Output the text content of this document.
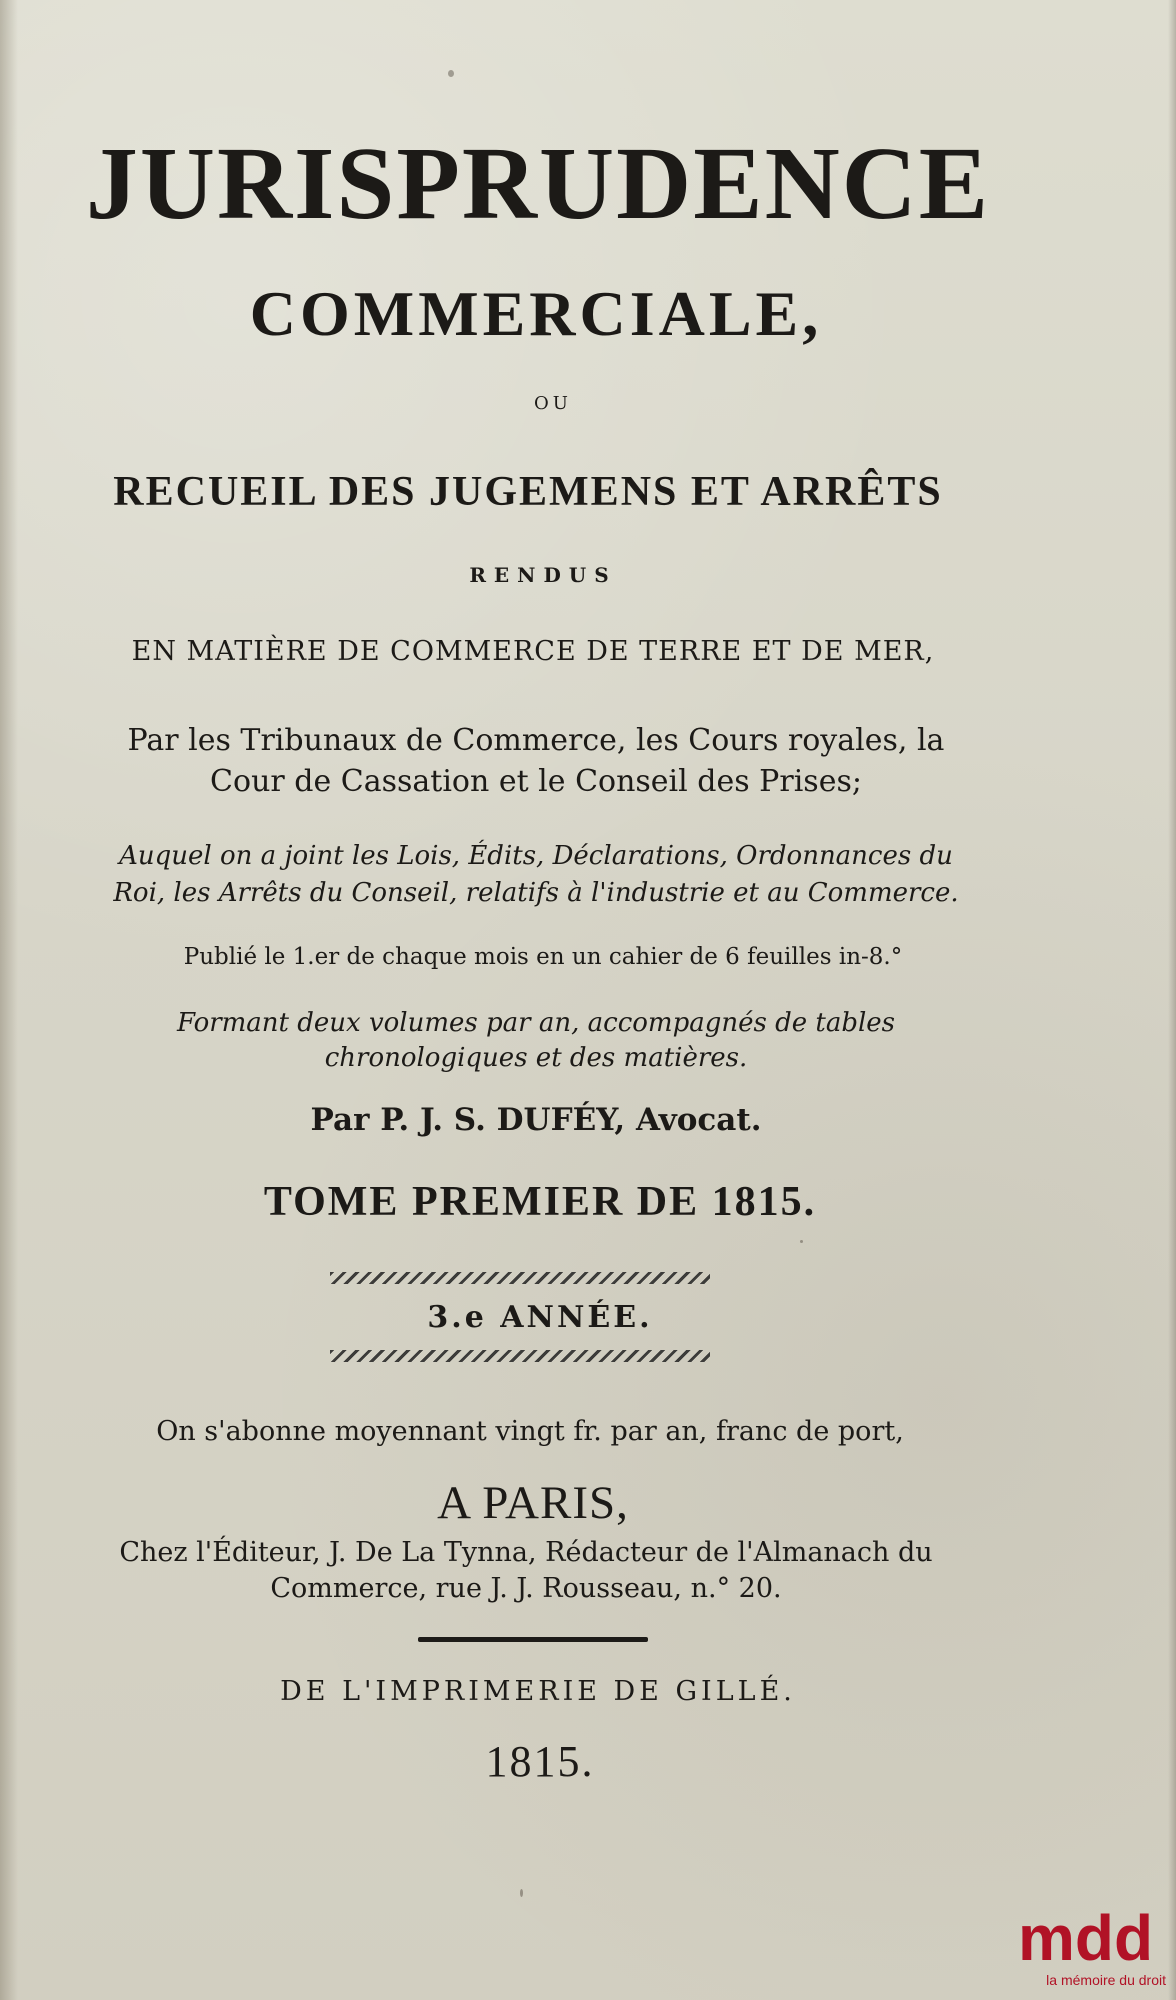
JURISPRUDENCE
COMMERCIALE,
OU
RECUEIL DES JUGEMENS ET ARRÊTS
RENDUS
EN MATIÈRE DE COMMERCE DE TERRE ET DE MER,
Par les Tribunaux de Commerce, les Cours royales, la Cour de Cassation et le Conseil des Prises;
Auquel on a joint les Lois, Édits, Déclarations, Ordonnances du Roi, les Arrêts du Conseil, relatifs à l'industrie et au Commerce.
Publié le 1.er de chaque mois en un cahier de 6 feuilles in-8.°
Formant deux volumes par an, accompagnés de tables chronologiques et des matières.
Par P. J. S. DUFÉY, Avocat.
TOME PREMIER DE 1815.
3.e ANNÉE.
On s'abonne moyennant vingt fr. par an, franc de port,
A PARIS,
Chez l'Éditeur, J. De La Tynna, Rédacteur de l'Almanach du Commerce, rue J. J. Rousseau, n.° 20.
DE L'IMPRIMERIE DE GILLÉ.
1815.
mdd
la mémoire du droit
